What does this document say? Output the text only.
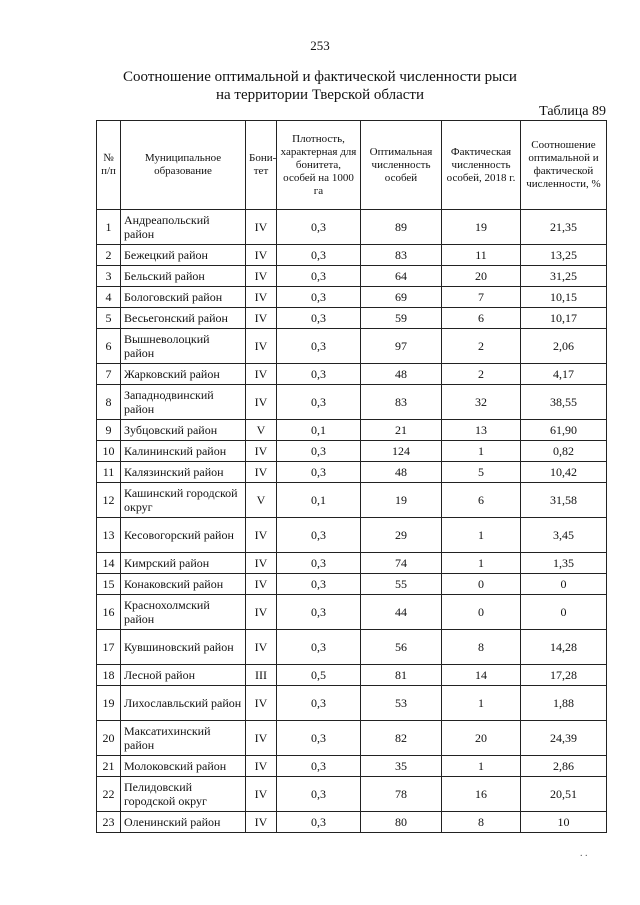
253
Соотношение оптимальной и фактической численности рыси
на территории Тверской области
Таблица 89
№ п/п	Муниципальное образование	Бони-тет	Плотность, характерная для бонитета, особей на 1000 га	Оптимальная численность особей	Фактическая численность особей, 2018 г.	Соотношение оптимальной и фактической численности, %
1	Андреапольский район	IV	0,3	89	19	21,35
2	Бежецкий район	IV	0,3	83	11	13,25
3	Бельский район	IV	0,3	64	20	31,25
4	Бологовский район	IV	0,3	69	7	10,15
5	Весьегонский район	IV	0,3	59	6	10,17
6	Вышневолоцкий район	IV	0,3	97	2	2,06
7	Жарковский район	IV	0,3	48	2	4,17
8	Западнодвинский район	IV	0,3	83	32	38,55
9	Зубцовский район	V	0,1	21	13	61,90
10	Калининский район	IV	0,3	124	1	0,82
11	Калязинский район	IV	0,3	48	5	10,42
12	Кашинский городской округ	V	0,1	19	6	31,58
13	Кесовогорский район	IV	0,3	29	1	3,45
14	Кимрский район	IV	0,3	74	1	1,35
15	Конаковский район	IV	0,3	55	0	0
16	Краснохолмский район	IV	0,3	44	0	0
17	Кувшиновский район	IV	0,3	56	8	14,28
18	Лесной район	III	0,5	81	14	17,28
19	Лихославльский район	IV	0,3	53	1	1,88
20	Максатихинский район	IV	0,3	82	20	24,39
21	Молоковский район	IV	0,3	35	1	2,86
22	Пелидовский городской округ	IV	0,3	78	16	20,51
23	Оленинский район	IV	0,3	80	8	10
. .
